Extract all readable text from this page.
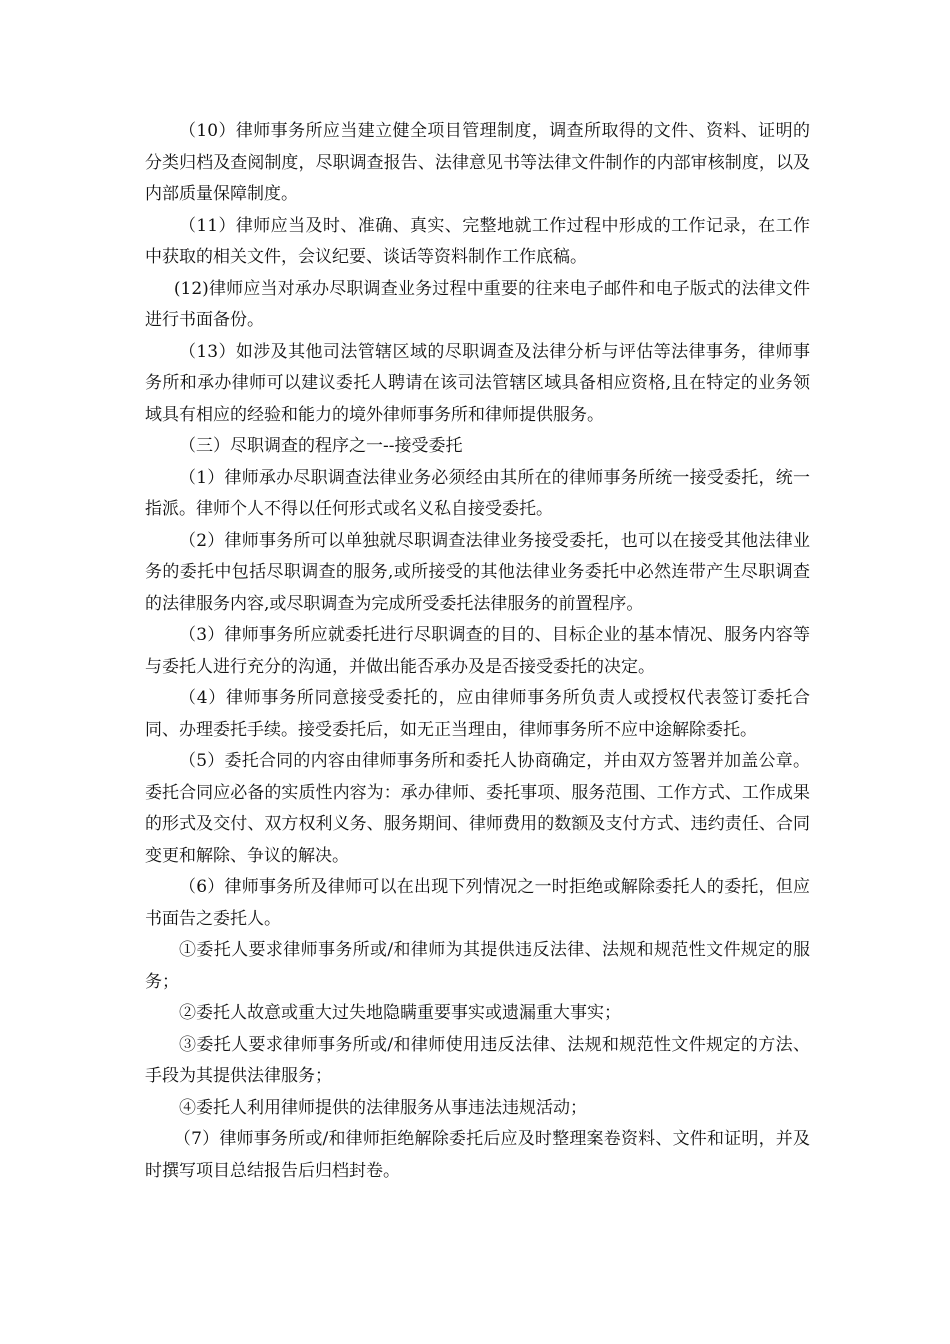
（10）律师事务所应当建立健全项目管理制度，调查所取得的文件、资料、证明的分类归档及查阅制度，尽职调查报告、法律意见书等法律文件制作的内部审核制度，以及内部质量保障制度。

（11）律师应当及时、准确、真实、完整地就工作过程中形成的工作记录，在工作中获取的相关文件，会议纪要、谈话等资料制作工作底稿。

(12)律师应当对承办尽职调查业务过程中重要的往来电子邮件和电子版式的法律文件进行书面备份。

（13）如涉及其他司法管辖区域的尽职调查及法律分析与评估等法律事务，律师事务所和承办律师可以建议委托人聘请在该司法管辖区域具备相应资格,且在特定的业务领域具有相应的经验和能力的境外律师事务所和律师提供服务。

（三）尽职调查的程序之一--接受委托

（1）律师承办尽职调查法律业务必须经由其所在的律师事务所统一接受委托，统一指派。律师个人不得以任何形式或名义私自接受委托。

（2）律师事务所可以单独就尽职调查法律业务接受委托，也可以在接受其他法律业务的委托中包括尽职调查的服务,或所接受的其他法律业务委托中必然连带产生尽职调查的法律服务内容,或尽职调查为完成所受委托法律服务的前置程序。

（3）律师事务所应就委托进行尽职调查的目的、目标企业的基本情况、服务内容等与委托人进行充分的沟通，并做出能否承办及是否接受委托的决定。

（4）律师事务所同意接受委托的，应由律师事务所负责人或授权代表签订委托合同、办理委托手续。接受委托后，如无正当理由，律师事务所不应中途解除委托。

（5）委托合同的内容由律师事务所和委托人协商确定，并由双方签署并加盖公章。委托合同应必备的实质性内容为：承办律师、委托事项、服务范围、工作方式、工作成果的形式及交付、双方权利义务、服务期间、律师费用的数额及支付方式、违约责任、合同变更和解除、争议的解决。

（6）律师事务所及律师可以在出现下列情况之一时拒绝或解除委托人的委托，但应书面告之委托人。

①委托人要求律师事务所或/和律师为其提供违反法律、法规和规范性文件规定的服务；

②委托人故意或重大过失地隐瞒重要事实或遗漏重大事实；

③委托人要求律师事务所或/和律师使用违反法律、法规和规范性文件规定的方法、手段为其提供法律服务；

④委托人利用律师提供的法律服务从事违法违规活动；

（7）律师事务所或/和律师拒绝解除委托后应及时整理案卷资料、文件和证明，并及时撰写项目总结报告后归档封卷。
